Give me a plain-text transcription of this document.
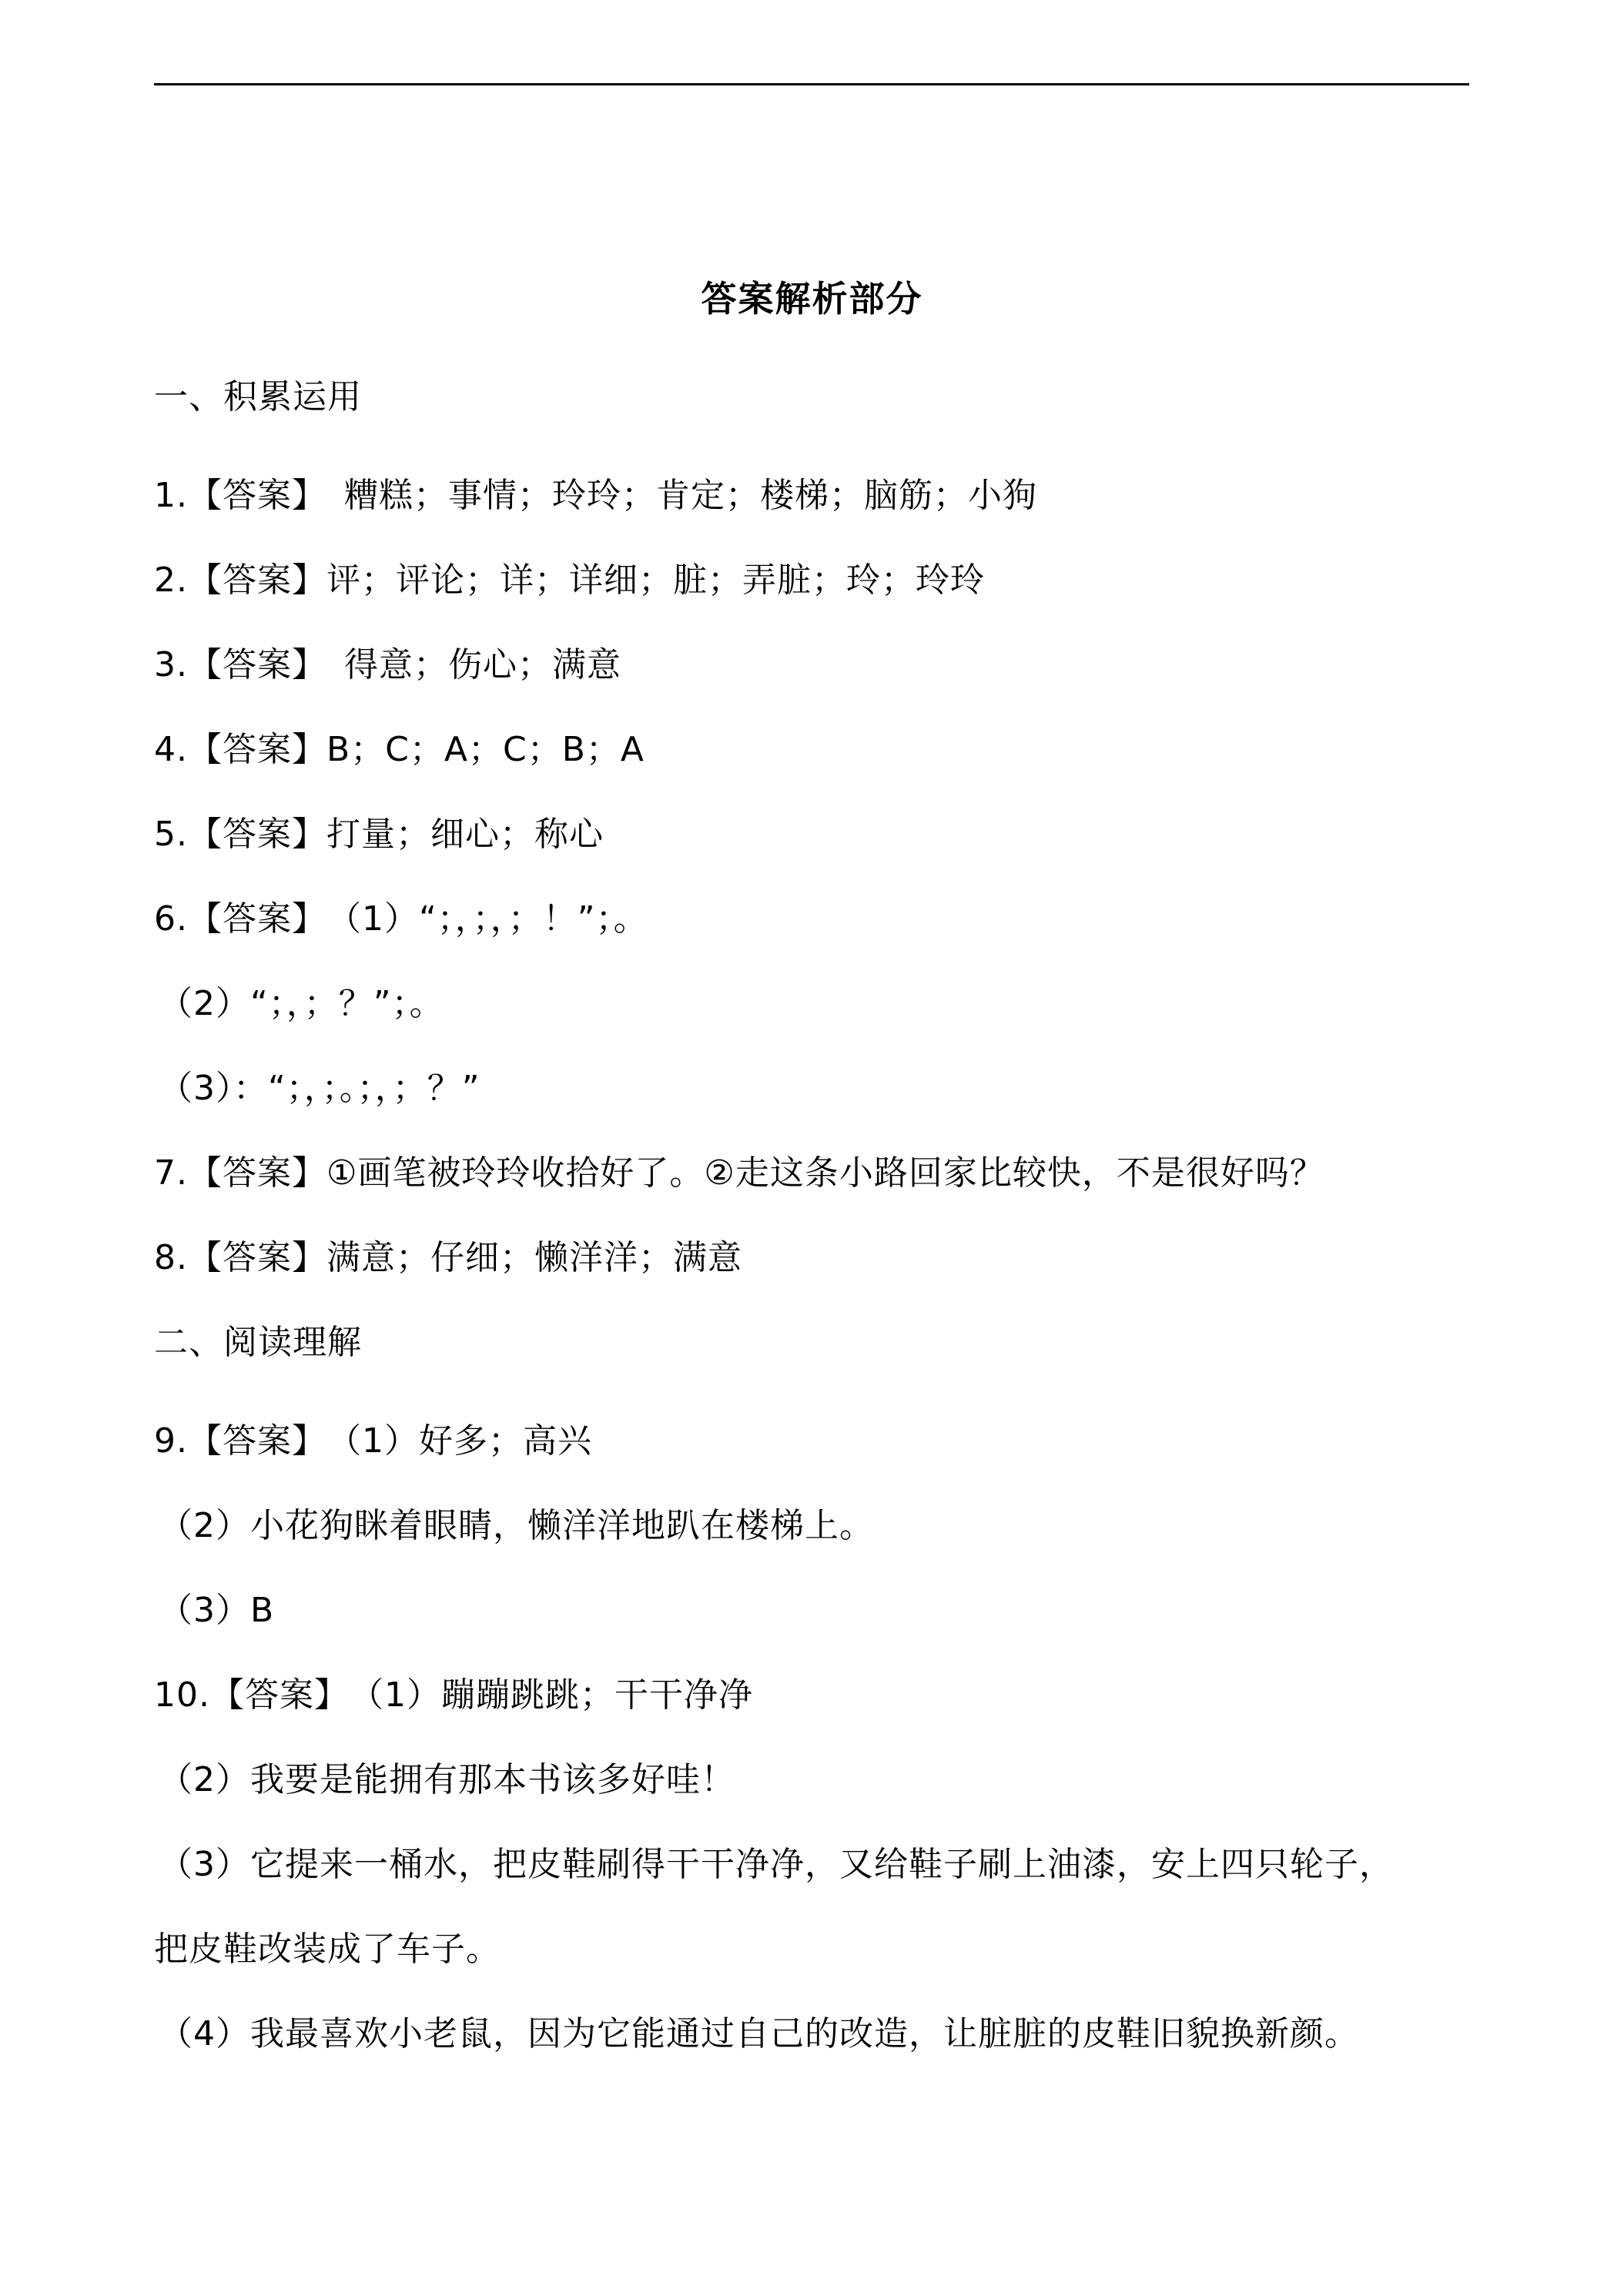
答案解析部分
一、积累运用
1.【答案】　糟糕；事情；玲玲；肯定；楼梯；脑筋；小狗
2.【答案】评；评论；详；详细；脏；弄脏；玲；玲玲
3.【答案】　得意；伤心；满意
4.【答案】B；C；A；C；B；A
5.【答案】打量；细心；称心
6.【答案】　（1）“；，；，；！”；。
（2）“；，；？”；。
（3）：“；，；。；，；？”
7.【答案】①画笔被玲玲收拾好了。②走这条小路回家比较快，不是很好吗？
8.【答案】满意；仔细；懒洋洋；满意
二、阅读理解
9.【答案】　（1）好多；高兴
（2）小花狗眯着眼睛，懒洋洋地趴在楼梯上。
（3）B
10.【答案】　（1）蹦蹦跳跳；干干净净
（2）我要是能拥有那本书该多好哇！
（3）它提来一桶水，把皮鞋刷得干干净净，又给鞋子刷上油漆，安上四只轮子，
把皮鞋改装成了车子。
（4）我最喜欢小老鼠，因为它能通过自己的改造，让脏脏的皮鞋旧貌换新颜。
